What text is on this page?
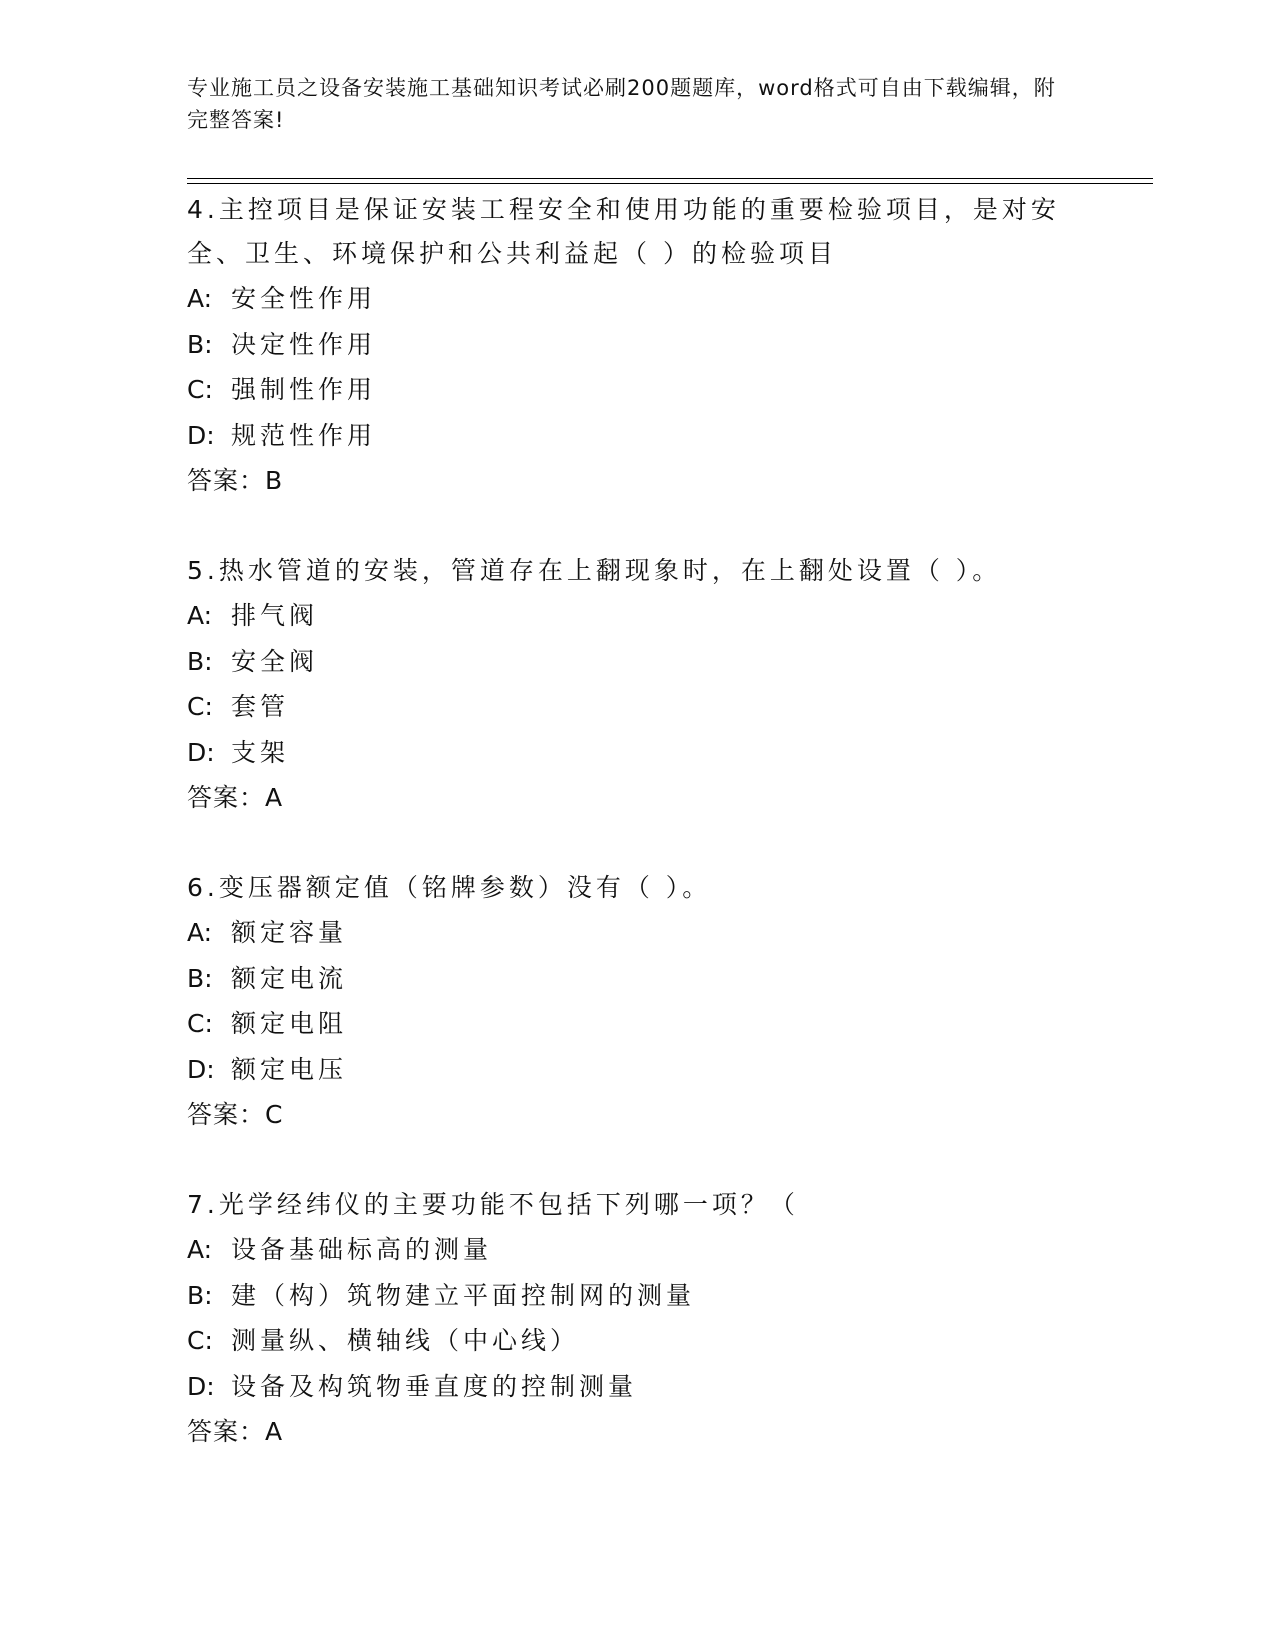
专业施工员之设备安装施工基础知识考试必刷200题题库，word格式可自由下载编辑，附完整答案!
4.主控项目是保证安装工程安全和使用功能的重要检验项目，是对安全、卫生、环境保护和公共利益起（ ）的检验项目
A: 安全性作用
B: 决定性作用
C: 强制性作用
D: 规范性作用
答案：B
5.热水管道的安装，管道存在上翻现象时，在上翻处设置（ ）。
A: 排气阀
B: 安全阀
C: 套管
D: 支架
答案：A
6.变压器额定值（铭牌参数）没有（ ）。
A: 额定容量
B: 额定电流
C: 额定电阻
D: 额定电压
答案：C
7.光学经纬仪的主要功能不包括下列哪一项？（
A: 设备基础标高的测量
B: 建（构）筑物建立平面控制网的测量
C: 测量纵、横轴线（中心线）
D: 设备及构筑物垂直度的控制测量
答案：A
